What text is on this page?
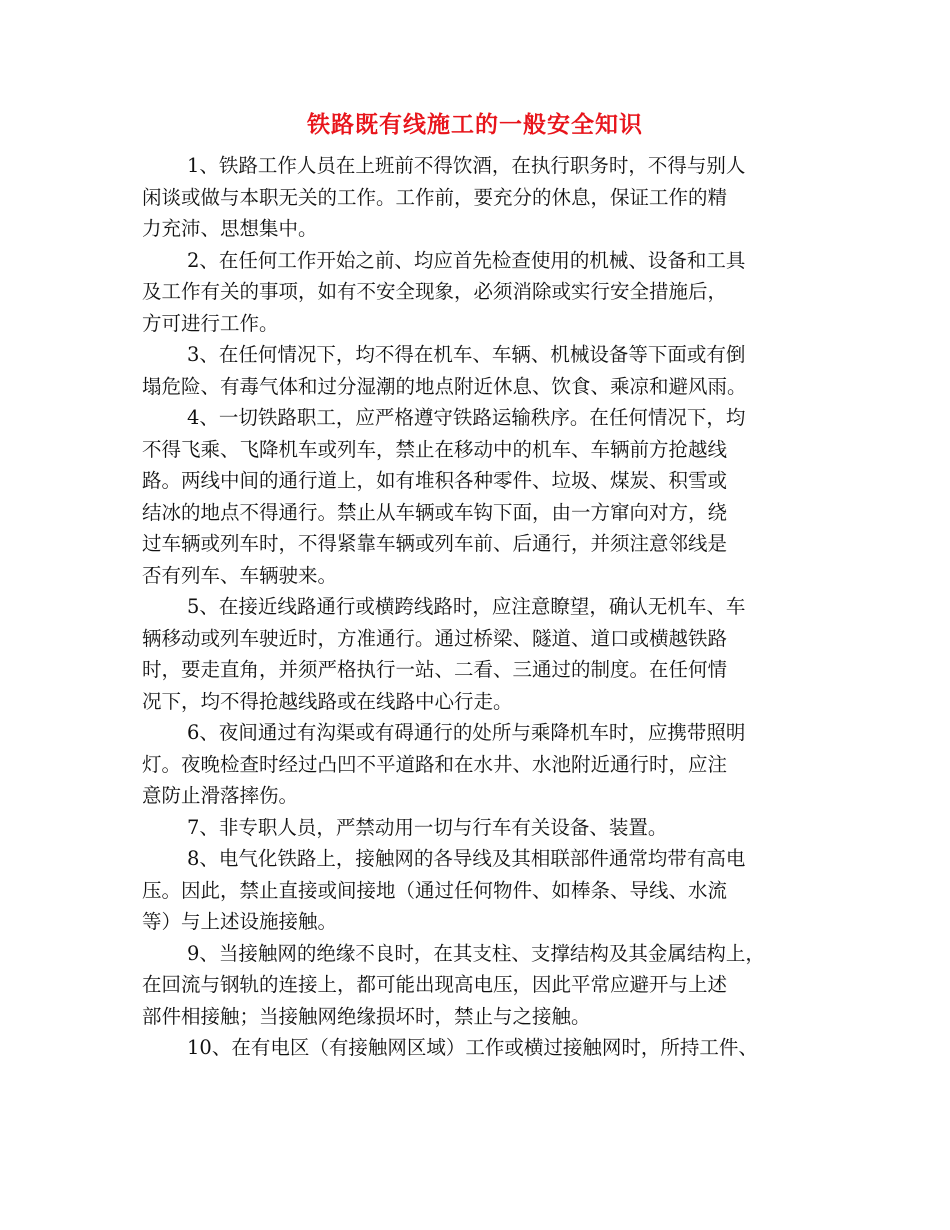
铁路既有线施工的一般安全知识
1、铁路工作人员在上班前不得饮酒，在执行职务时，不得与别人
闲谈或做与本职无关的工作。工作前，要充分的休息，保证工作的精
力充沛、思想集中。
2、在任何工作开始之前、均应首先检查使用的机械、设备和工具
及工作有关的事项，如有不安全现象，必须消除或实行安全措施后，
方可进行工作。
3、在任何情况下，均不得在机车、车辆、机械设备等下面或有倒
塌危险、有毒气体和过分湿潮的地点附近休息、饮食、乘凉和避风雨。
4、一切铁路职工，应严格遵守铁路运输秩序。在任何情况下，均
不得飞乘、飞降机车或列车，禁止在移动中的机车、车辆前方抢越线
路。两线中间的通行道上，如有堆积各种零件、垃圾、煤炭、积雪或
结冰的地点不得通行。禁止从车辆或车钩下面，由一方窜向对方，绕
过车辆或列车时，不得紧靠车辆或列车前、后通行，并须注意邻线是
否有列车、车辆驶来。
5、在接近线路通行或横跨线路时，应注意瞭望，确认无机车、车
辆移动或列车驶近时，方准通行。通过桥梁、隧道、道口或横越铁路
时，要走直角，并须严格执行一站、二看、三通过的制度。在任何情
况下，均不得抢越线路或在线路中心行走。
6、夜间通过有沟渠或有碍通行的处所与乘降机车时，应携带照明
灯。夜晚检查时经过凸凹不平道路和在水井、水池附近通行时，应注
意防止滑落摔伤。
7、非专职人员，严禁动用一切与行车有关设备、装置。
8、电气化铁路上，接触网的各导线及其相联部件通常均带有高电
压。因此，禁止直接或间接地（通过任何物件、如棒条、导线、水流
等）与上述设施接触。
9、当接触网的绝缘不良时，在其支柱、支撑结构及其金属结构上，
在回流与钢轨的连接上，都可能出现高电压，因此平常应避开与上述
部件相接触；当接触网绝缘损坏时，禁止与之接触。
10、在有电区（有接触网区域）工作或横过接触网时，所持工件、
